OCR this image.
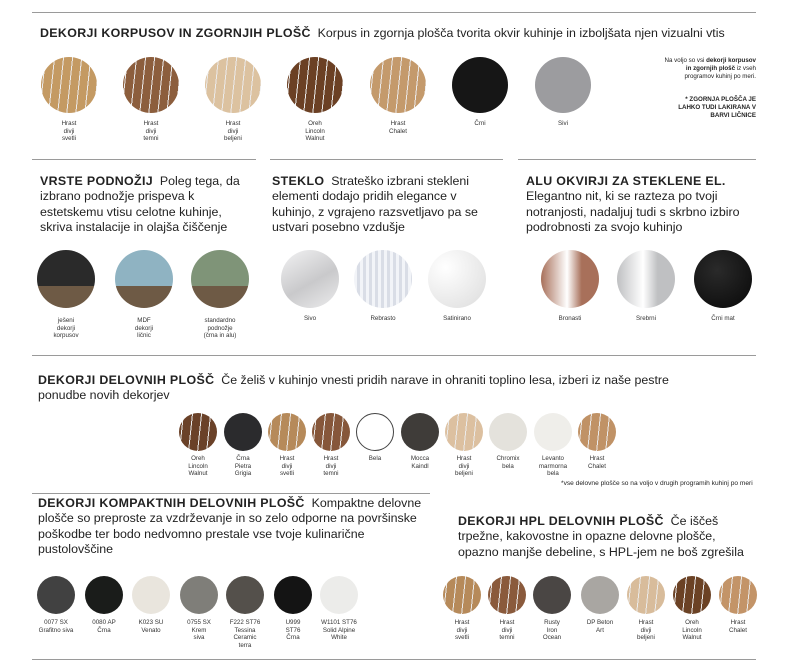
DEKORJI KORPUSOV IN ZGORNJIH PLOŠČ Korpus in zgornja plošča tvorita okvir kuhinje in izboljšata njen vizualni vtis
Hrast
divji
svetli
Hrast
divji
temni
Hrast
divji
beljeni
Oreh
Lincoln
Walnut
Hrast
Chalet
Črni	Sivi
Na voljo so vsi dekorji korpusov in zgornjih plošč iz vseh programov kuhinj po meri.
* ZGORNJA PLOŠČA JE LAHKO TUDI LAKIRANA V BARVI LIČNICE
VRSTE PODNOŽIJ Poleg tega, da izbrano podnožje prispeva k estetskemu vtisu celotne kuhinje, skriva instalacije in olajša čiščenje
ješeni
dekorji
korpusov
MDF
dekorji
ličnic
standardno
podnožje
(črna in alu)
STEKLO Strateško izbrani stekleni elementi dodajo pridih elegance v kuhinjo, z vgrajeno razsvetljavo pa se ustvari posebno vzdušje
Sivo	Rebrasto	Satinirano
ALU OKVIRJI ZA STEKLENE EL.  Elegantno nit, ki se razteza po tvoji notranjosti, nadaljuj tudi s skrbno izbiro podrobnosti za svojo kuhinjo
Bronasti	Srebrni	Črni mat
DEKORJI DELOVNIH PLOŠČ Če želiš v kuhinjo vnesti pridih narave in ohraniti toplino lesa, izberi iz naše pestre ponudbe novih dekorjev
Oreh
Lincoln
Walnut
Črna
Pietra
Grigia
Hrast
divji
svetli
Hrast
divji
temni
Bela	Mocca
Kaindl
Hrast
divji
beljeni
Chromix
bela
Levanto
marmorna
bela
Hrast
Chalet
*vse delovne plošče so na voljo v drugih programih kuhinj po meri
DEKORJI KOMPAKTNIH DELOVNIH PLOŠČ Kompaktne delovne plošče so preproste za vzdrževanje in so zelo odporne na površinske poškodbe ter bodo nedvomno prestale vse tvoje kulinarične pustolovščine
0077 SX
Grafitno siva
0080 AP
Črna
K023 SU
Venato
0755 SX
Krem
siva
F222 ST76
Tessina
Ceramic
terra
U999
ST76
Črna
W1101 ST76
Solid Alpine
White
DEKORJI HPL DELOVNIH PLOŠČ Če iščeš trpežne, kakovostne in opazne delovne plošče, opazno manjše debeline, s HPL-jem ne boš zgrešila
Hrast
divji
svetli
Hrast
divji
temni
Rusty
Iron
Ocean
DP Beton
Art
Hrast
divji
beljeni
Oreh
Lincoln
Walnut
Hrast
Chalet
